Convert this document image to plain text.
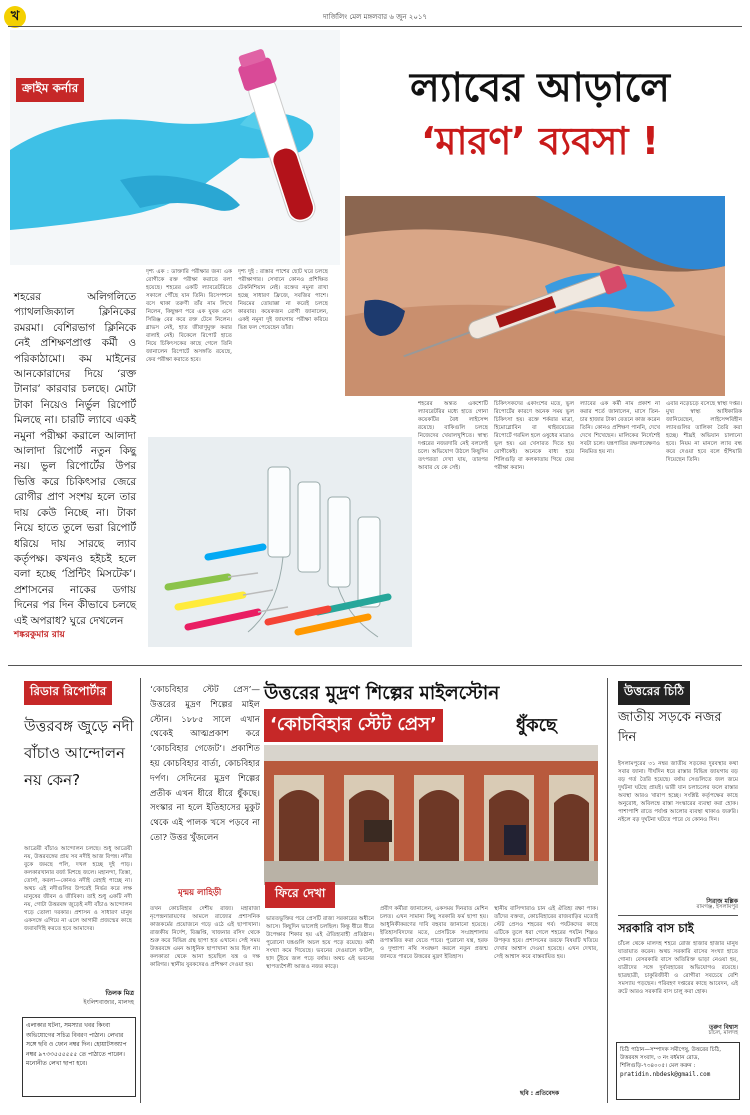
খ	দার্জিলিং মেল মঙ্গলবার ৬ জুন ২০১৭
ক্রাইম কর্নার	ল্যাবের আড়ালে
‘মারণ’ ব্যবসা !
শহরের অলিগলিতে প্যাথলজিক্যাল ক্লিনিকের রমরমা। বেশিরভাগ ক্লিনিকে নেই প্রশিক্ষণপ্রাপ্ত কর্মী ও পরিকাঠামো। কম মাইনের আনকোরাদের দিয়ে ‘রক্ত টানার’ কারবার চলছে। মোটা টাকা নিয়েও নির্ভুল রিপোর্ট মিলছে না। চারটি ল্যাবে একই নমুনা পরীক্ষা করালে আলাদা আলাদা রিপোর্ট নতুন কিছু নয়। ভুল রিপোর্টের উপর ভিত্তি করে চিকিৎসার জেরে রোগীর প্রাণ সংশয় হলে তার দায় কেউ নিচ্ছে না। টাকা নিয়ে হাতে তুলে ভরা রিপোর্ট ধরিয়ে দায় সারছে ল্যাব কর্তৃপক্ষ। কখনও হইচই হলে বলা হচ্ছে ‘প্রিন্টিং মিসটেক’। প্রশাসনের নাকের ডগায় দিনের পর দিন কীভাবে চলছে এই অপরাধ? ঘুরে দেখলেন
শঙ্করকুমার রায়
দৃশ্য এক : ডাক্তারি পরীক্ষার জন্য এক রোগীকে রক্ত পরীক্ষা করাতে বলা হয়েছে। শহরের একটি ল্যাবরেটরিতে সকালে পৌঁছে যান তিনি। রিসেপশনে বসে থাকা তরুণী তাঁর নাম লিখে নিলেন, কিছুক্ষণ পরে এক যুবক এসে সিরিঞ্জ বের করে রক্ত টেনে নিলেন। গ্লাভস নেই, হাত জীবাণুমুক্ত করার বালাই নেই। বিকেলে রিপোর্ট হাতে নিয়ে চিকিৎসকের কাছে গেলে তিনি জানালেন রিপোর্টে অসঙ্গতি রয়েছে, ফের পরীক্ষা করাতে হবে।
দৃশ্য দুই : রাস্তার পাশের ছোট ঘরে চলছে পরীক্ষাগার। সেখানে কোনও প্রশিক্ষিত টেকনিশিয়ান নেই। রক্তের নমুনা রাখা হচ্ছে সাধারণ ফ্রিজে, সবজির পাশে। নিয়মের তোয়াক্কা না করেই চলছে কারবার। কয়েকজন রোগী জানালেন, একই নমুনা দুই জায়গায় পরীক্ষা করিয়ে ভিন্ন ফল পেয়েছেন তাঁরা।
শহরের অন্তত একশোটি ল্যাবরেটরির মধ্যে হাতে গোনা কয়েকটির বৈধ লাইসেন্স রয়েছে। বাকিগুলি চলছে নিজেদের খেয়ালখুশিতে। স্বাস্থ্য দপ্তরের নজরদারি নেই বললেই চলে। অভিযোগ উঠলে কিছুদিন তৎপরতা দেখা যায়, তারপর আবার যে কে সেই।
চিকিৎসকদের একাংশের মতে, ভুল রিপোর্টের কারণে অনেক সময় ভুল চিকিৎসা হয়। রক্তে শর্করার মাত্রা, হিমোগ্লোবিন বা থাইরয়েডের রিপোর্টে গরমিল হলে ওষুধের মাত্রাও ভুল হয়। এর খেসারত দিতে হয় রোগীকেই। অনেকে বাধ্য হয়ে শিলিগুড়ি বা কলকাতায় গিয়ে ফের পরীক্ষা করান।
ল্যাবের এক কর্মী নাম প্রকাশ না করার শর্তে জানালেন, মাসে তিন-চার হাজার টাকা বেতনে কাজ করেন তিনি। কোনও প্রশিক্ষণ পাননি, দেখে দেখে শিখেছেন। মালিকের নির্দেশেই সবটা চলে। যন্ত্রপাতির রক্ষণাবেক্ষণও নিয়মিত হয় না।
এবার নড়েচড়ে বসেছে স্বাস্থ্য দপ্তর। মুখ্য স্বাস্থ্য আধিকারিক জানিয়েছেন, লাইসেন্সবিহীন ল্যাবগুলির তালিকা তৈরি করা হচ্ছে। শীঘ্রই অভিযান চালানো হবে। নিয়ম না মানলে ল্যাব বন্ধ করে দেওয়া হবে বলে হুঁশিয়ারি দিয়েছেন তিনি।
রিডার রিপোর্টার
উত্তরবঙ্গ জুড়ে নদী বাঁচাও আন্দোলন নয় কেন?
আত্রেয়ী বাঁচাও আন্দোলন চলছে। শুধু আত্রেয়ী নয়, উত্তরবঙ্গের প্রায় সব নদীই আজ বিপন্ন। নদীর বুকে জমছে পলি, দখল হচ্ছে দুই পাড়। কলকারখানার বর্জ্য মিশছে জলে। মহানন্দা, তিস্তা, তোর্সা, করলা—কোনও নদীই রেহাই পাচ্ছে না। অথচ এই নদীগুলির উপরেই নির্ভর করে লক্ষ মানুষের জীবন ও জীবিকা। তাই শুধু একটি নদী নয়, গোটা উত্তরবঙ্গ জুড়েই নদী বাঁচাও আন্দোলন গড়ে তোলা দরকার। প্রশাসন ও সাধারণ মানুষ একসঙ্গে এগিয়ে না এলে আগামী প্রজন্মের কাছে জবাবদিহি করতে হবে আমাদের।
তিলক মিত্র
ইংলিশবাজার, মালদহ
এলাকার ঘটনা, সমস্যার খবর কিংবা অভিযোগের সচিত্র বিবরণ পাঠান। লেখার সঙ্গে ছবি ও ফোন নম্বর দিন। হোয়াটসঅ্যাপ নম্বর ৯৭৩৩৫৫৫৫৫৫ তে পাঠাতে পারেন। মনোনীত লেখা ছাপা হবে।
‘কোচবিহার স্টেট প্রেস’—উত্তরের মুদ্রণ শিল্পের মাইল স্টোন। ১৮৮৫ সালে এখান থেকেই আত্মপ্রকাশ করে ‘কোচবিহার গেজেট’। প্রকাশিত হয় কোচবিহার বার্তা, কোচবিহার দর্পণ। সেদিনের মুদ্রণ শিল্পের প্রতীক এখন ধীরে ধীরে ধুঁকছে। সংস্কার না হলে ইতিহাসের মুকুট থেকে এই পালক খসে পড়বে না তো? উত্তর খুঁজলেন
মৃন্ময় লাহিড়ী
উত্তরের মুদ্রণ শিল্পের মাইলস্টোন
‘কোচবিহার স্টেট প্রেস’	ধুঁকছে
ফিরে দেখা
তখন কোচবিহার দেশীয় রাজ্য। মহারাজা নৃপেন্দ্রনারায়ণের আমলে রাজ্যের প্রশাসনিক কাজকর্মের প্রয়োজনে গড়ে ওঠে এই ছাপাখানা। রাজকীয় নির্দেশ, বিজ্ঞপ্তি, খাজনার রসিদ থেকে শুরু করে বিভিন্ন গ্রন্থ ছাপা হত এখানে। সেই সময় উত্তরবঙ্গে এমন আধুনিক ছাপাখানা আর ছিল না। কলকাতা থেকে আনা হয়েছিল যন্ত্র ও দক্ষ কারিগর। স্থানীয় যুবকদেরও প্রশিক্ষণ দেওয়া হয়।
ভারতভুক্তির পরে প্রেসটি রাজ্য সরকারের অধীনে আসে। কিছুদিন ভালোই চলছিল। কিন্তু ধীরে ধীরে উপেক্ষার শিকার হয় এই ঐতিহ্যবাহী প্রতিষ্ঠান। পুরোনো যন্ত্রগুলি অচল হয়ে পড়ে রয়েছে। কর্মী সংখ্যা কমে গিয়েছে। ভবনের দেওয়ালে ফাটল, ছাদ চুঁইয়ে জল পড়ে বর্ষায়। অথচ এই ভবনের স্থাপত্যশৈলী আজও নজর কাড়ে।
প্রবীণ কর্মীরা জানালেন, একসময় দিনরাত মেশিন চলত। এখন সামান্য কিছু সরকারি ফর্ম ছাপা হয়। আধুনিকীকরণের দাবি বহুবার জানানো হয়েছে। ইতিহাসবিদদের মতে, প্রেসটিকে সংগ্রহশালায় রূপান্তরিত করা যেতে পারে। পুরোনো যন্ত্র, হরফ ও দুষ্প্রাপ্য নথি সংরক্ষণ করলে নতুন প্রজন্ম জানতে পারবে উত্তরের মুদ্রণ ইতিহাস।
স্থানীয় বাসিন্দারাও চান এই ঐতিহ্য রক্ষা পাক। তাঁদের বক্তব্য, কোচবিহারের রাজবাড়ির মতোই স্টেট প্রেসও শহরের গর্ব। পর্যটকদের কাছে এটিকে তুলে ধরা গেলে শহরের পর্যটন শিল্পও উপকৃত হবে। প্রশাসনের তরফে বিষয়টি খতিয়ে দেখার আশ্বাস দেওয়া হয়েছে। এখন দেখার, সেই আশ্বাস কবে বাস্তবায়িত হয়।
ছবি : প্রতিবেদক
উত্তরের চিঠি
জাতীয় সড়কে নজর দিন
ইসলামপুরের ৩১ নম্বর জাতীয় সড়কের দুরবস্থার কথা সবার জানা। দীর্ঘদিন ধরে রাস্তার বিভিন্ন জায়গায় বড় বড় গর্ত তৈরি হয়েছে। বর্ষায় সেগুলিতে জল জমে দুর্ঘটনা ঘটছে প্রায়ই। ভারী যান চলাচলের ফলে রাস্তার অবস্থা আরও খারাপ হচ্ছে। সংশ্লিষ্ট কর্তৃপক্ষের কাছে অনুরোধ, অবিলম্বে রাস্তা সংস্কারের ব্যবস্থা করা হোক। পাশাপাশি রাতে পর্যাপ্ত আলোর ব্যবস্থা থাকাও জরুরি। নইলে বড় দুর্ঘটনা ঘটতে পারে যে কোনও দিন।
সিরাজ মল্লিক
রামগঞ্জ, ইসলামপুর
সরকারি বাস চাই
চাঁচল থেকে মালদহ শহরে রোজ হাজার হাজার মানুষ যাতায়াত করেন। অথচ সরকারি বাসের সংখ্যা হাতে গোনা। বেসরকারি বাসে অতিরিক্ত ভাড়া নেওয়া হয়, যাত্রীদের সঙ্গে দুর্ব্যবহারের অভিযোগও রয়েছে। ছাত্রছাত্রী, চাকুরিজীবী ও রোগীরা সবচেয়ে বেশি সমস্যায় পড়ছেন। পরিবহণ দপ্তরের কাছে আবেদন, এই রুটে আরও সরকারি বাস চালু করা হোক।
তরুণ বিশ্বাস
চাঁচল, মালদহ
চিঠি পাঠান—সম্পাদক সমীপেষু, উত্তরের চিঠি, উত্তরবঙ্গ সংবাদ, ৩ নং বর্ধমান রোড, শিলিগুড়ি-৭৩৪০০৫। মেল করুন :
pratidin.nbdesk@gmail.com
